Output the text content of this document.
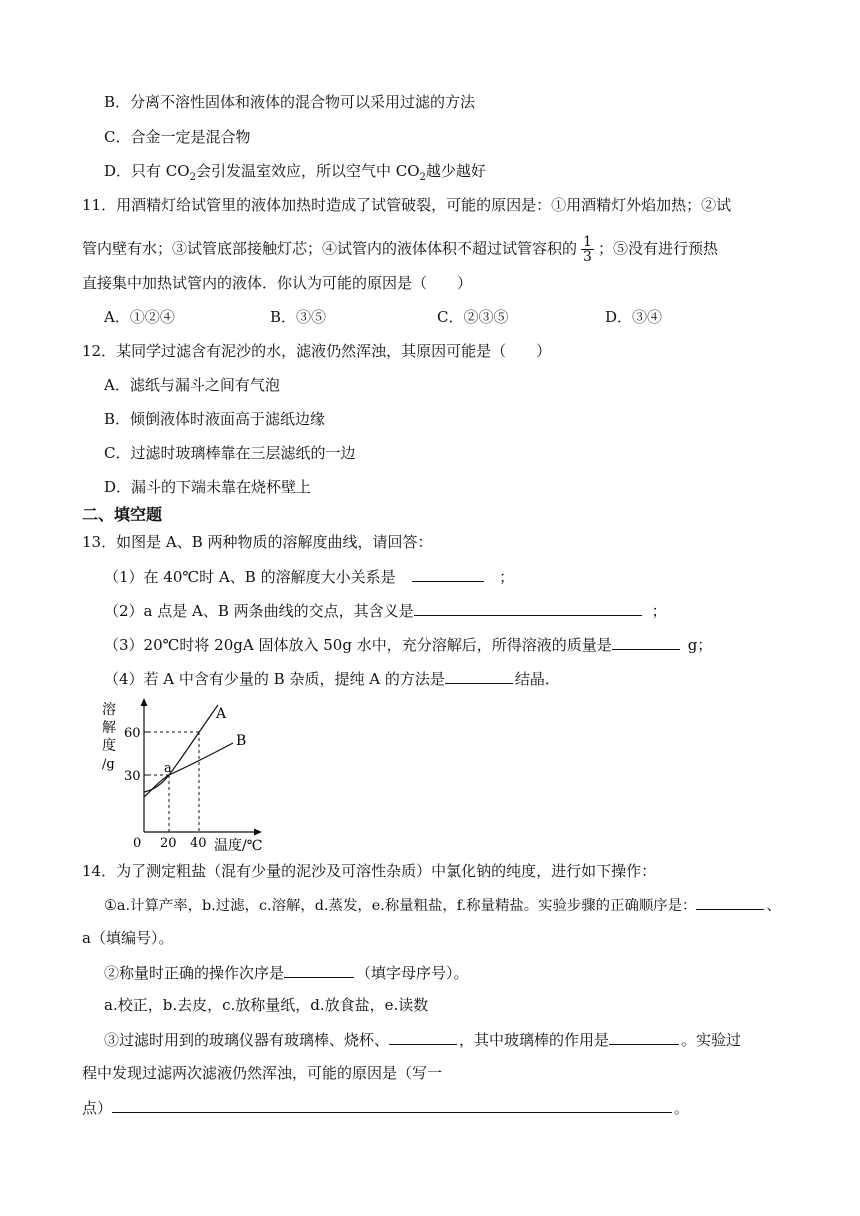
B．分离不溶性固体和液体的混合物可以采用过滤的方法
C．合金一定是混合物
D．只有 $CO_2$会引发温室效应，所以空气中 $CO_2$越少越好
11．用酒精灯给试管里的液体加热时造成了试管破裂，可能的原因是：①用酒精灯外焰加热；②试
管内壁有水；③试管底部接触灯芯；④试管内的液体体积不超过试管容积的 $\frac{1}{3}$ ；⑤没有进行预热
直接集中加热试管内的液体．你认为可能的原因是（　　）
A．①②④	B．③⑤	C．②③⑤	D．③④
12．某同学过滤含有泥沙的水，滤液仍然浑浊，其原因可能是（　　）
A．滤纸与漏斗之间有气泡
B．倾倒液体时液面高于滤纸边缘
C．过滤时玻璃棒靠在三层滤纸的一边
D．漏斗的下端未靠在烧杯壁上
二、填空题
13．如图是 A、B 两种物质的溶解度曲线，请回答：
（1）在 40℃时 A、B 的溶解度大小关系是	；
（2）a 点是 A、B 两条曲线的交点，其含义是	；
（3）20℃时将 20gA 固体放入 50g 水中，充分溶解后，所得溶液的质量是	g；
（4）若 A 中含有少量的 B 杂质，提纯 A 的方法是	结晶．
溶
解
度
/g
60
30
A
B
a
0 20 40 温度/℃
14．为了测定粗盐（混有少量的泥沙及可溶性杂质）中氯化钠的纯度，进行如下操作：
①a.计算产率，b.过滤，c.溶解，d.蒸发，e.称量粗盐，f.称量精盐。实验步骤的正确顺序是：	、
a（填编号）。
②称量时正确的操作次序是	（填字母序号）。
a.校正，b.去皮，c.放称量纸，d.放食盐，e.读数
③过滤时用到的玻璃仪器有玻璃棒、烧杯、	，其中玻璃棒的作用是	。实验过
程中发现过滤两次滤液仍然浑浊，可能的原因是（写一
点）	。
